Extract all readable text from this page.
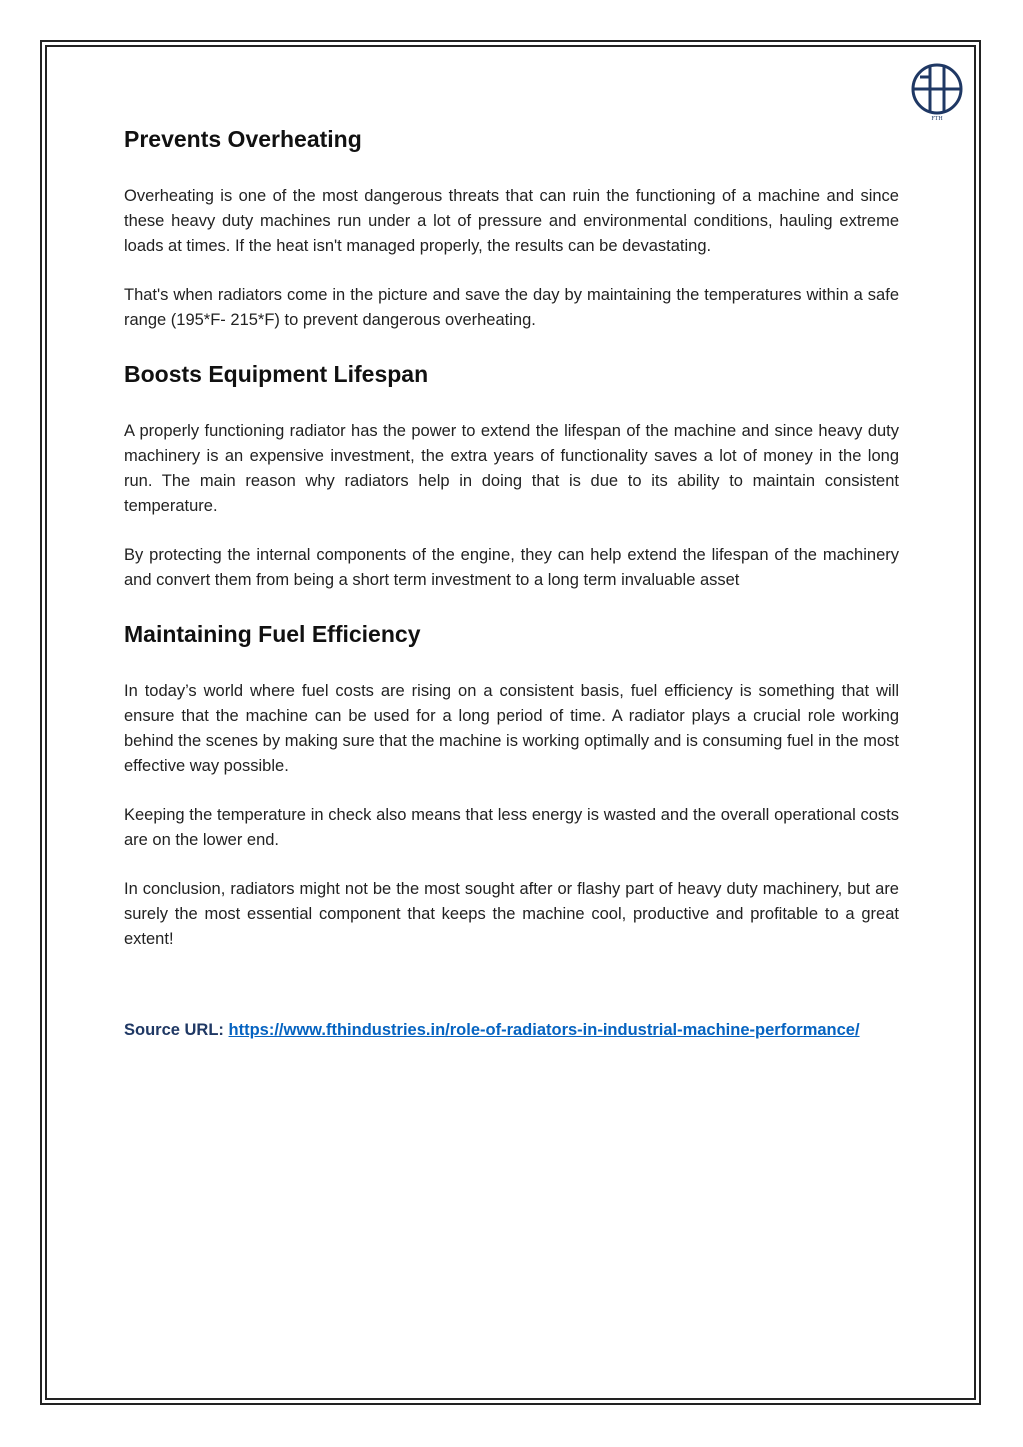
FTH
Prevents Overheating

Overheating is one of the most dangerous threats that can ruin the functioning of a machine and since these heavy duty machines run under a lot of pressure and environmental conditions, hauling extreme loads at times. If the heat isn't managed properly, the results can be devastating.

That's when radiators come in the picture and save the day by maintaining the temperatures within a safe range (195*F- 215*F) to prevent dangerous overheating.

Boosts Equipment Lifespan

A properly functioning radiator has the power to extend the lifespan of the machine and since heavy duty machinery is an expensive investment, the extra years of functionality saves a lot of money in the long run. The main reason why radiators help in doing that is due to its ability to maintain consistent temperature.

By protecting the internal components of the engine, they can help extend the lifespan of the machinery and convert them from being a short term investment to a long term invaluable asset

Maintaining Fuel Efficiency

In today’s world where fuel costs are rising on a consistent basis, fuel efficiency is something that will ensure that the machine can be used for a long period of time. A radiator plays a crucial role working behind the scenes by making sure that the machine is working optimally and is consuming fuel in the most effective way possible.

Keeping the temperature in check also means that less energy is wasted and the overall operational costs are on the lower end.

In conclusion, radiators might not be the most sought after or flashy part of heavy duty machinery, but are surely the most essential component that keeps the machine cool, productive and profitable to a great extent!

Source URL: https://www.fthindustries.in/role-of-radiators-in-industrial-machine-performance/
